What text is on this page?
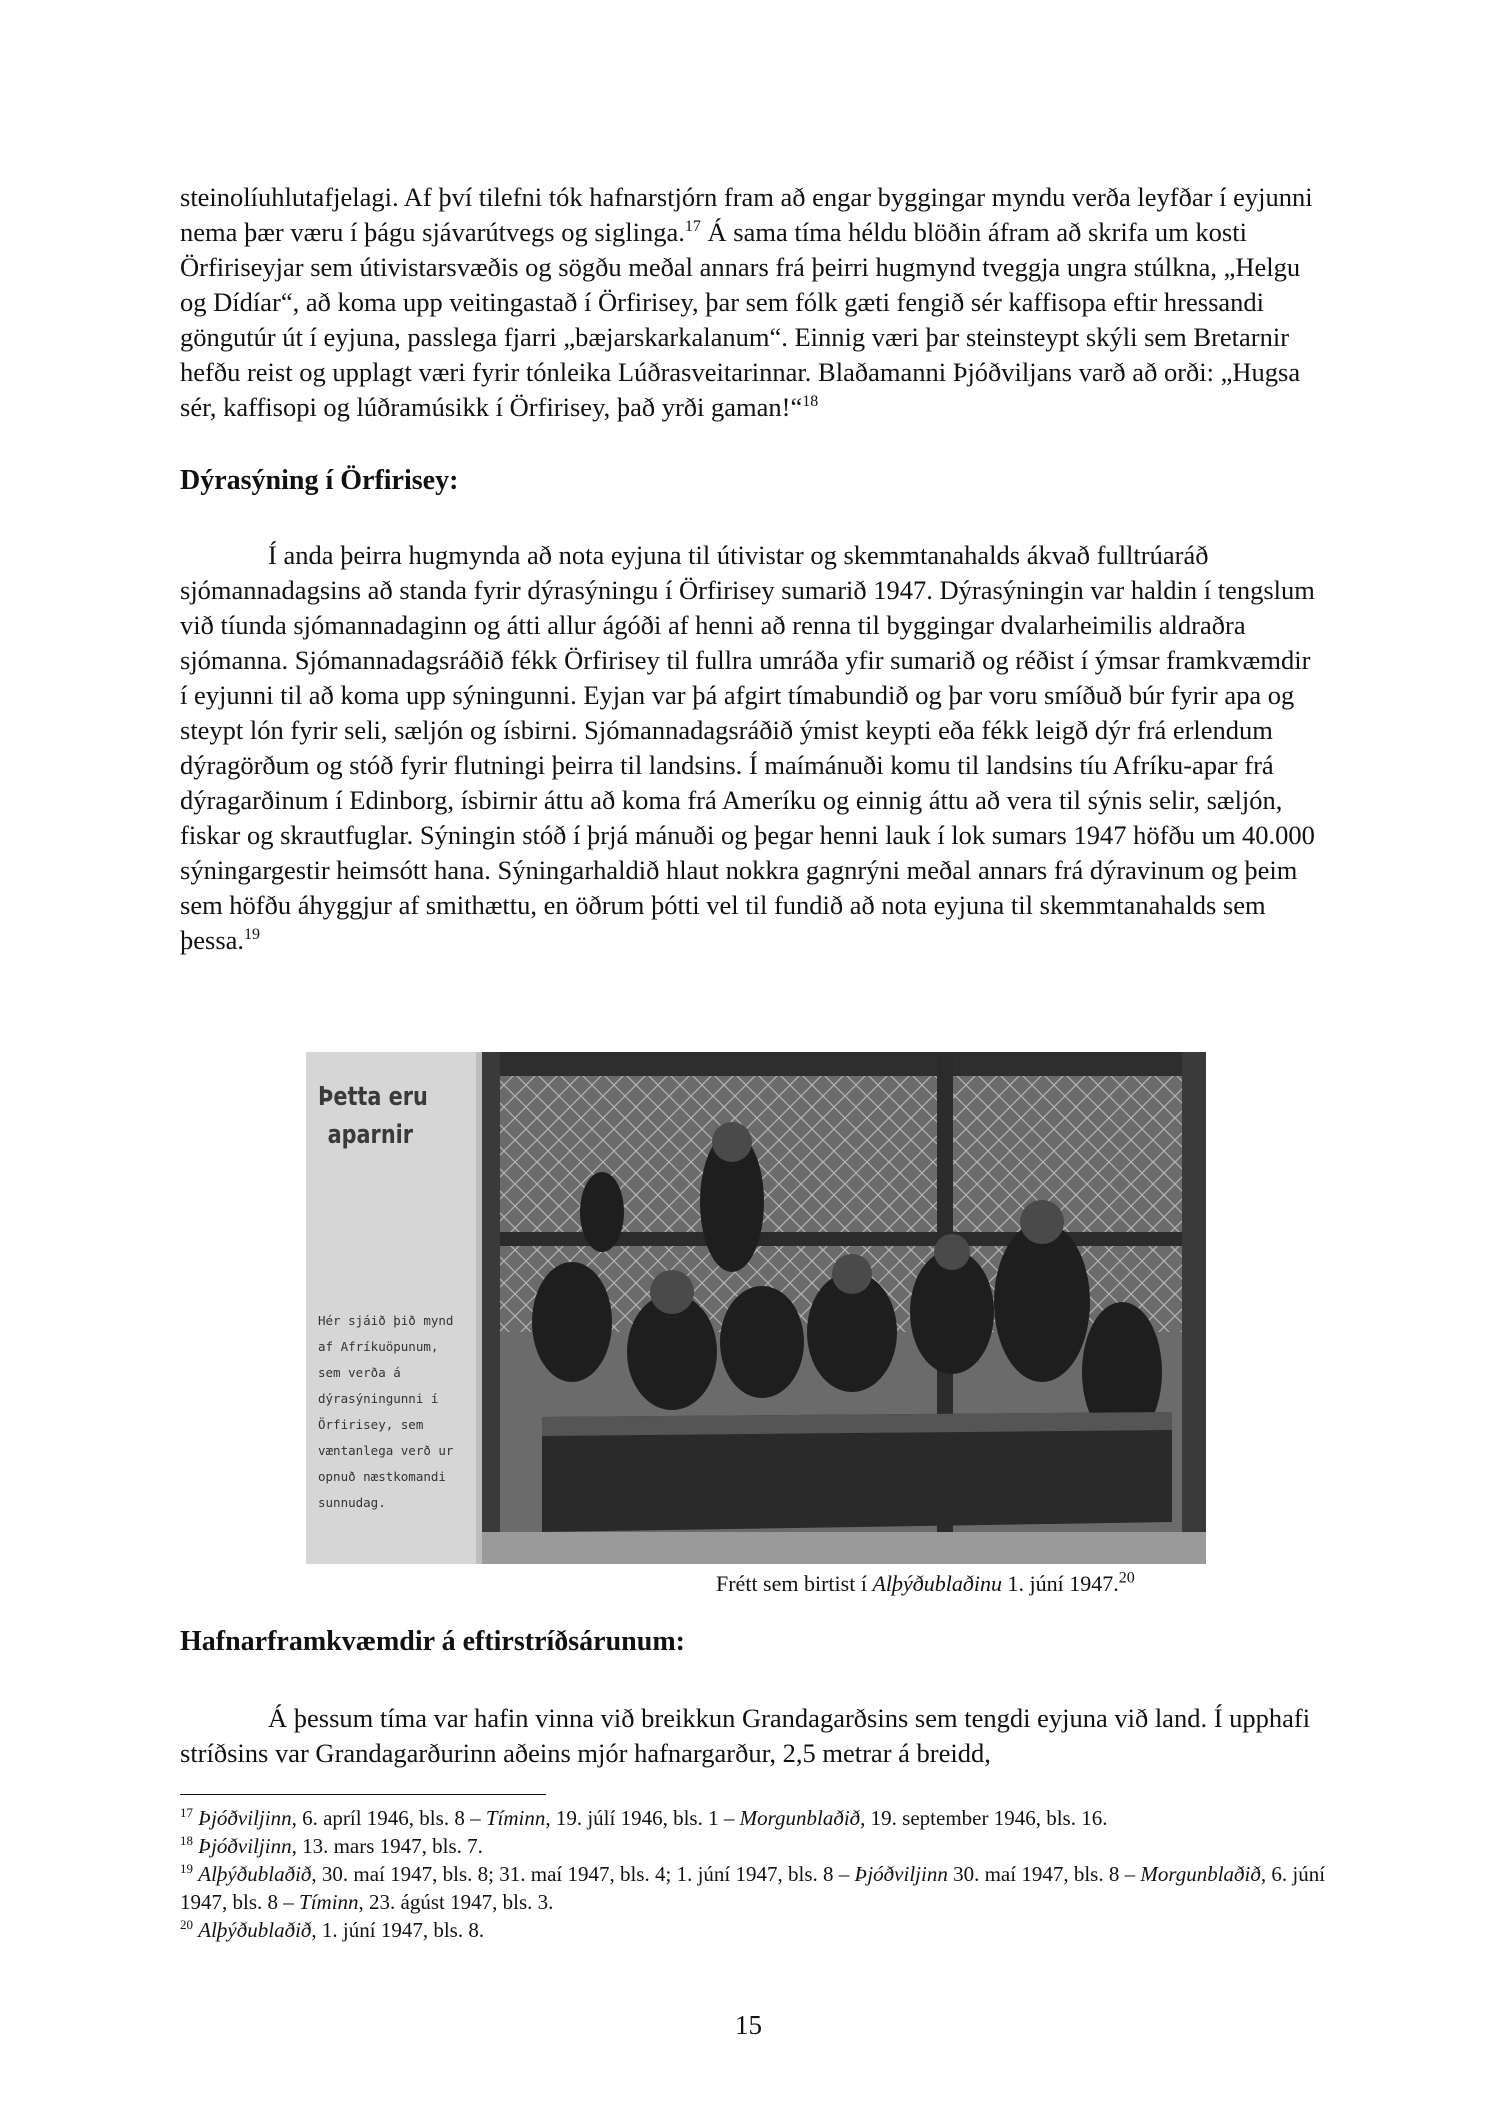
steinolíuhlutafjelagi. Af því tilefni tók hafnarstjórn fram að engar byggingar myndu verða leyfðar í eyjunni nema þær væru í þágu sjávarútvegs og siglinga.$^{17}$ Á sama tíma héldu blöðin áfram að skrifa um kosti Örfiriseyjar sem útivistarsvæðis og sögðu meðal annars frá þeirri hugmynd tveggja ungra stúlkna, „Helgu og Dídíar“, að koma upp veitingastað í Örfirisey, þar sem fólk gæti fengið sér kaffisopa eftir hressandi göngutúr út í eyjuna, passlega fjarri „bæjarskarkalanum“. Einnig væri þar steinsteypt skýli sem Bretarnir hefðu reist og upplagt væri fyrir tónleika Lúðrasveitarinnar. Blaðamanni Þjóðviljans varð að orði: „Hugsa sér, kaffisopi og lúðramúsikk í Örfirisey, það yrði gaman!“$^{18}$

Dýrasýning í Örfirisey:

Í anda þeirra hugmynda að nota eyjuna til útivistar og skemmtanahalds ákvað fulltrúaráð sjómannadagsins að standa fyrir dýrasýningu í Örfirisey sumarið 1947. Dýrasýningin var haldin í tengslum við tíunda sjómannadaginn og átti allur ágóði af henni að renna til byggingar dvalarheimilis aldraðra sjómanna. Sjómannadagsráðið fékk Örfirisey til fullra umráða yfir sumarið og réðist í ýmsar framkvæmdir í eyjunni til að koma upp sýningunni. Eyjan var þá afgirt tímabundið og þar voru smíðuð búr fyrir apa og steypt lón fyrir seli, sæljón og ísbirni. Sjómannadagsráðið ýmist keypti eða fékk leigð dýr frá erlendum dýragörðum og stóð fyrir flutningi þeirra til landsins. Í maímánuði komu til landsins tíu Afríku-apar frá dýragarðinum í Edinborg, ísbirnir áttu að koma frá Ameríku og einnig áttu að vera til sýnis selir, sæljón, fiskar og skrautfuglar. Sýningin stóð í þrjá mánuði og þegar henni lauk í lok sumars 1947 höfðu um 40.000 sýningargestir heimsótt hana. Sýningarhaldið hlaut nokkra gagnrýni meðal annars frá dýravinum og þeim sem höfðu áhyggjur af smithættu, en öðrum þótti vel til fundið að nota eyjuna til skemmtanahalds sem þessa.$^{19}$

Þetta eru
aparnir
Hér sjáið þið mynd af Afríkuöpunum, sem verða á dýrasýningunni í Örfirisey, sem væntanlega verð ur opnuð næstkomandi sunnudag.
Frétt sem birtist í Alþýðublaðinu 1. júní 1947.20
Hafnarframkvæmdir á eftirstríðsárunum:

Á þessum tíma var hafin vinna við breikkun Grandagarðsins sem tengdi eyjuna við land. Í upphafi stríðsins var Grandagarðurinn aðeins mjór hafnargarður, 2,5 metrar á breidd,

$^{17}$ Þjóðviljinn, 6. apríl 1946, bls. 8 – Tíminn, 19. júlí 1946, bls. 1 – Morgunblaðið, 19. september 1946, bls. 16.

$^{18}$ Þjóðviljinn, 13. mars 1947, bls. 7.

$^{19}$ Alþýðublaðið, 30. maí 1947, bls. 8; 31. maí 1947, bls. 4; 1. júní 1947, bls. 8 – Þjóðviljinn 30. maí 1947, bls. 8 – Morgunblaðið, 6. júní 1947, bls. 8 – Tíminn, 23. ágúst 1947, bls. 3.

$^{20}$ Alþýðublaðið, 1. júní 1947, bls. 8.

15
